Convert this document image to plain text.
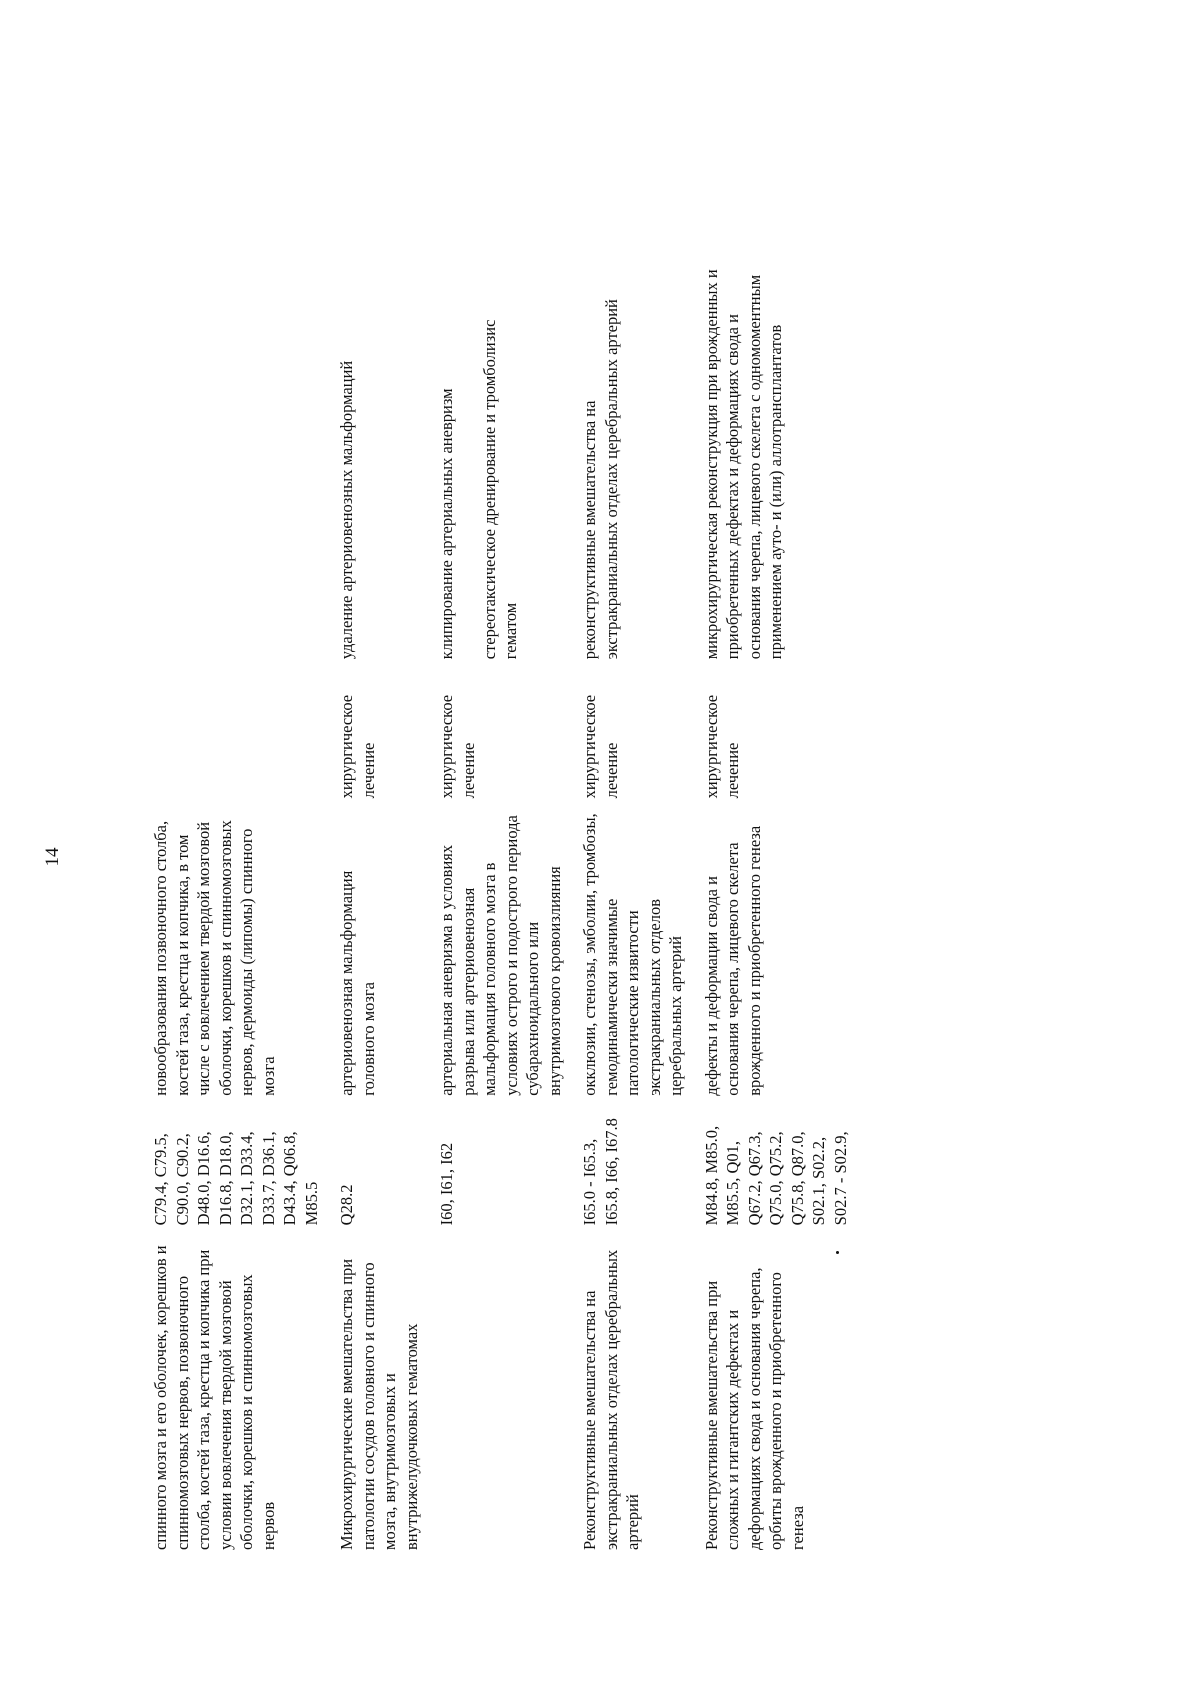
14
спинного мозга и его оболочек, корешков и спинномозговых нервов, позвоночного столба, костей таза, крестца и копчика при условии вовлечения твердой мозговой оболочки, корешков и спинномозговых нервов	C79.4, C79.5, C90.0, C90.2, D48.0, D16.6, D16.8, D18.0, D32.1, D33.4, D33.7, D36.1, D43.4, Q06.8, M85.5	новообразования позвоночного столба, костей таза, крестца и копчика, в том числе с вовлечением твердой мозговой оболочки, корешков и спинномозговых нервов, дермоиды (липомы) спинного мозга		

Микрохирургические вмешательства при патологии сосудов головного и спинного мозга, внутримозговых и внутрижелудочковых гематомах	Q28.2	артериовенозная мальформация головного мозга	хирургическое лечение	удаление артериовенозных мальформаций

	I60, I61, I62	артериальная аневризма в условиях разрыва или артериовенозная мальформация головного мозга в условиях острого и подострого периода субарахноидального или внутримозгового кровоизлияния	хирургическое лечение	клипирование артериальных аневризм стереотаксическое дренирование и тромболизис гематом

Реконструктивные вмешательства на экстракраниальных отделах церебральных артерий	I65.0 - I65.3, I65.8, I66, I67.8	окклюзии, стенозы, эмболии, тромбозы, гемодинамически значимые патологические извитости экстракраниальных отделов церебральных артерий	хирургическое лечение	реконструктивные вмешательства на экстракраниальных отделах церебральных артерий

Реконструктивные вмешательства при сложных и гигантских дефектах и деформациях свода и основания черепа, орбиты врожденного и приобретенного генеза	M84.8, M85.0, M85.5, Q01, Q67.2, Q67.3, Q75.0, Q75.2, Q75.8, Q87.0, S02.1, S02.2, S02.7 - S02.9,	дефекты и деформации свода и основания черепа, лицевого скелета врожденного и приобретенного генеза	хирургическое лечение	микрохирургическая реконструкция при врожденных и приобретенных дефектах и деформациях свода и основания черепа, лицевого скелета с одномоментным применением ауто- и (или) аллотрансплантатов
